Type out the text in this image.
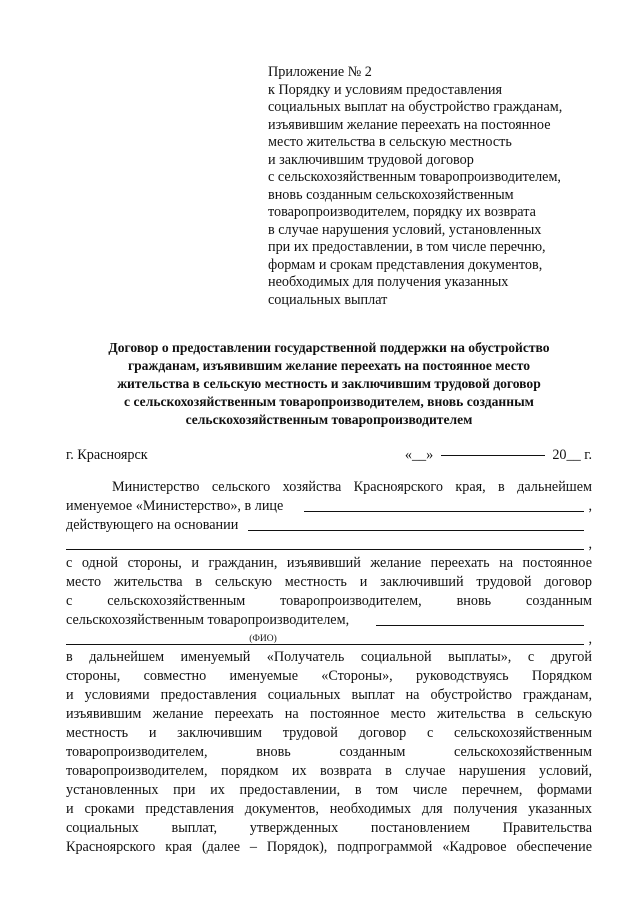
Приложение № 2
к Порядку и условиям предоставления
социальных выплат на обустройство гражданам,
изъявившим желание переехать на постоянное
место жительства в сельскую местность
и заключившим трудовой договор
с сельскохозяйственным товаропроизводителем,
вновь созданным сельскохозяйственным
товаропроизводителем, порядку их возврата
в случае нарушения условий, установленных
при их предоставлении, в том числе перечню,
формам и срокам представления документов,
необходимых для получения указанных
социальных выплат
Договор о предоставлении государственной поддержки на обустройство
гражданам, изъявившим желание переехать на постоянное место
жительства в сельскую местность и заключившим трудовой договор
с сельскохозяйственным товаропроизводителем, вновь созданным
сельскохозяйственным товаропроизводителем
г. Красноярск	«__»	20__ г.
Министерство сельского хозяйства Красноярского края, в дальнейшем
именуемое «Министерство», в лице	,
действующего на основании
,
с одной стороны, и гражданин, изъявивший желание переехать на постоянное
место жительства в сельскую местность и заключивший трудовой договор
с сельскохозяйственным товаропроизводителем, вновь созданным
сельскохозяйственным товаропроизводителем,
,
(ФИО)
в дальнейшем именуемый «Получатель социальной выплаты», с другой
стороны, совместно именуемые «Стороны», руководствуясь Порядком
и условиями предоставления социальных выплат на обустройство гражданам,
изъявившим желание переехать на постоянное место жительства в сельскую
местность и заключившим трудовой договор с сельскохозяйственным
товаропроизводителем, вновь созданным сельскохозяйственным
товаропроизводителем, порядком их возврата в случае нарушения условий,
установленных при их предоставлении, в том числе перечнем, формами
и сроками представления документов, необходимых для получения указанных
социальных выплат, утвержденных постановлением Правительства
Красноярского края (далее – Порядок), подпрограммой «Кадровое обеспечение
